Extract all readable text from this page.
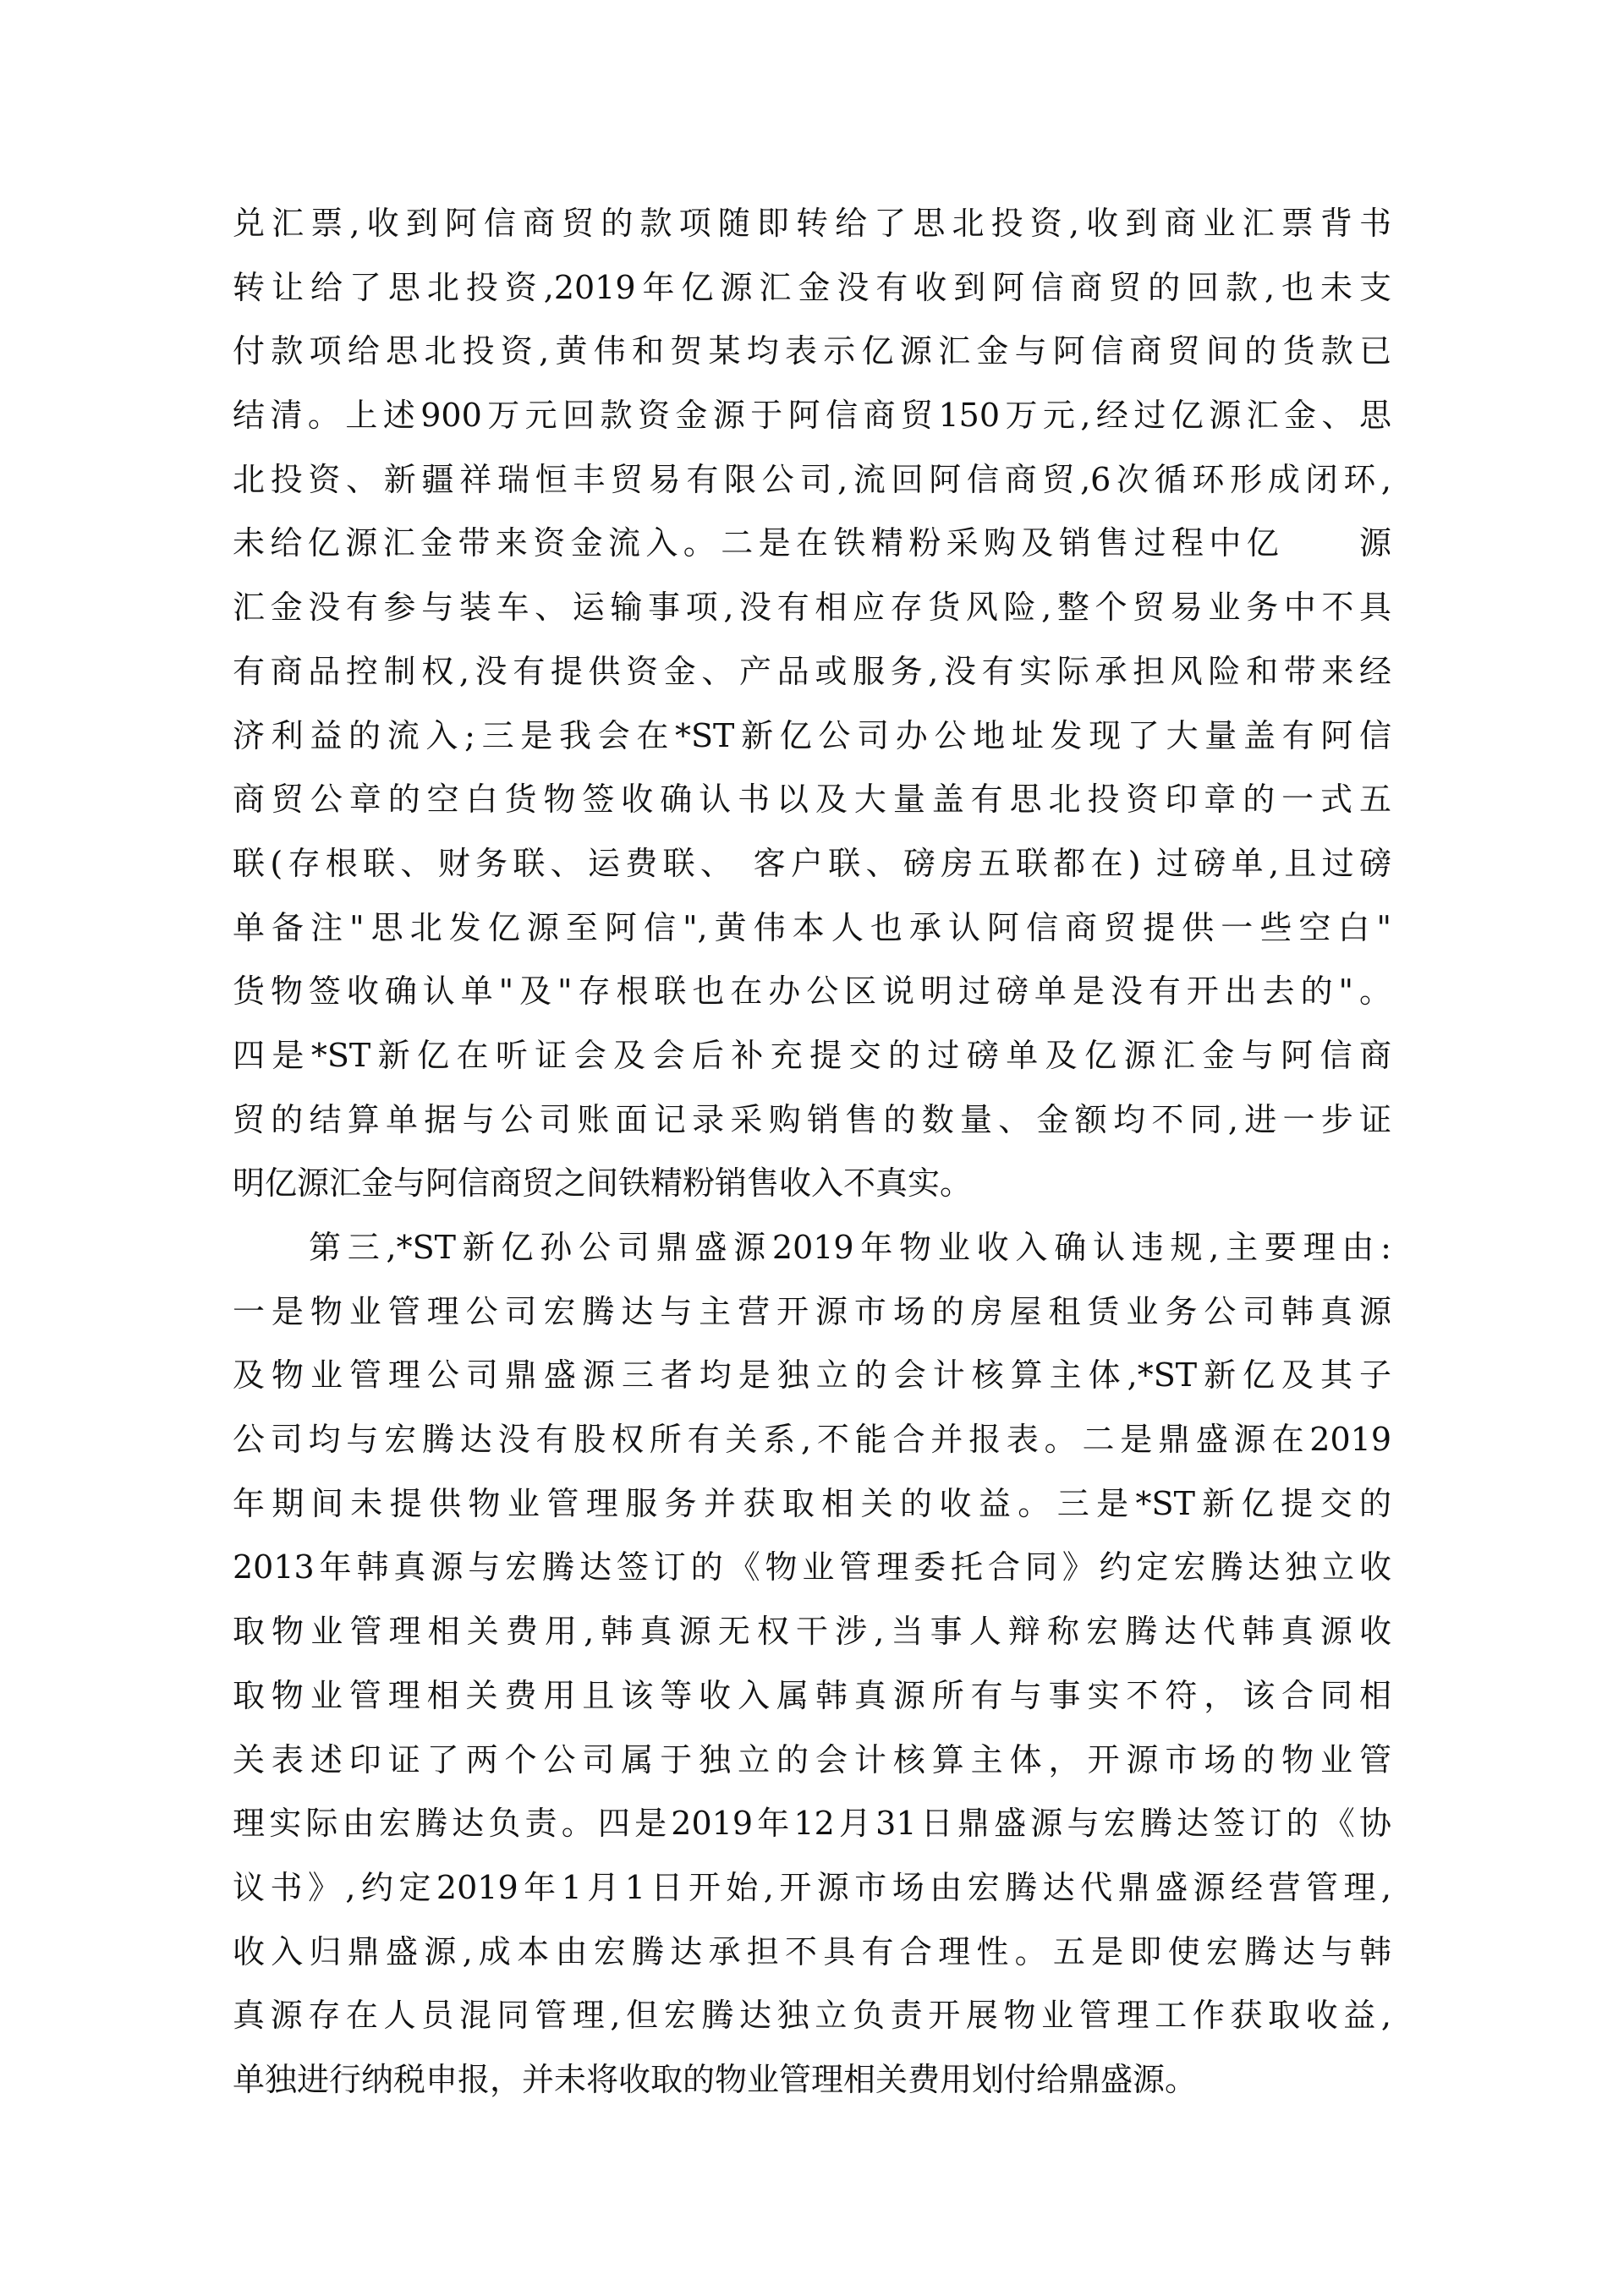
兑汇票,收到阿信商贸的款项随即转给了思北投资,收到商业汇票背书
转让给了思北投资,2019年亿源汇金没有收到阿信商贸的回款,也未支
付款项给思北投资,黄伟和贺某均表示亿源汇金与阿信商贸间的货款已
结清。上述900万元回款资金源于阿信商贸150万元,经过亿源汇金、思
北投资、新疆祥瑞恒丰贸易有限公司,流回阿信商贸,6次循环形成闭环,
未给亿源汇金带来资金流入。二是在铁精粉采购及销售过程中亿　　源
汇金没有参与装车、运输事项,没有相应存货风险,整个贸易业务中不具
有商品控制权,没有提供资金、产品或服务,没有实际承担风险和带来经
济利益的流入;三是我会在*ST新亿公司办公地址发现了大量盖有阿信
商贸公章的空白货物签收确认书以及大量盖有思北投资印章的一式五
联(存根联、财务联、运费联、 客户联、磅房五联都在) 过磅单,且过磅
单备注"思北发亿源至阿信",黄伟本人也承认阿信商贸提供一些空白"
货物签收确认单"及"存根联也在办公区说明过磅单是没有开出去的"。
四是*ST新亿在听证会及会后补充提交的过磅单及亿源汇金与阿信商
贸的结算单据与公司账面记录采购销售的数量、金额均不同,进一步证
明亿源汇金与阿信商贸之间铁精粉销售收入不真实。
第三,*ST新亿孙公司鼎盛源2019年物业收入确认违规,主要理由:
一是物业管理公司宏腾达与主营开源市场的房屋租赁业务公司韩真源
及物业管理公司鼎盛源三者均是独立的会计核算主体,*ST新亿及其子
公司均与宏腾达没有股权所有关系,不能合并报表。二是鼎盛源在2019
年期间未提供物业管理服务并获取相关的收益。三是*ST新亿提交的
2013年韩真源与宏腾达签订的《物业管理委托合同》约定宏腾达独立收
取物业管理相关费用,韩真源无权干涉,当事人辩称宏腾达代韩真源收
取物业管理相关费用且该等收入属韩真源所有与事实不符，该合同相
关表述印证了两个公司属于独立的会计核算主体，开源市场的物业管
理实际由宏腾达负责。四是2019年12月31日鼎盛源与宏腾达签订的《协
议书》,约定2019年1月1日开始,开源市场由宏腾达代鼎盛源经营管理,
收入归鼎盛源,成本由宏腾达承担不具有合理性。五是即使宏腾达与韩
真源存在人员混同管理,但宏腾达独立负责开展物业管理工作获取收益,
单独进行纳税申报，并未将收取的物业管理相关费用划付给鼎盛源。
